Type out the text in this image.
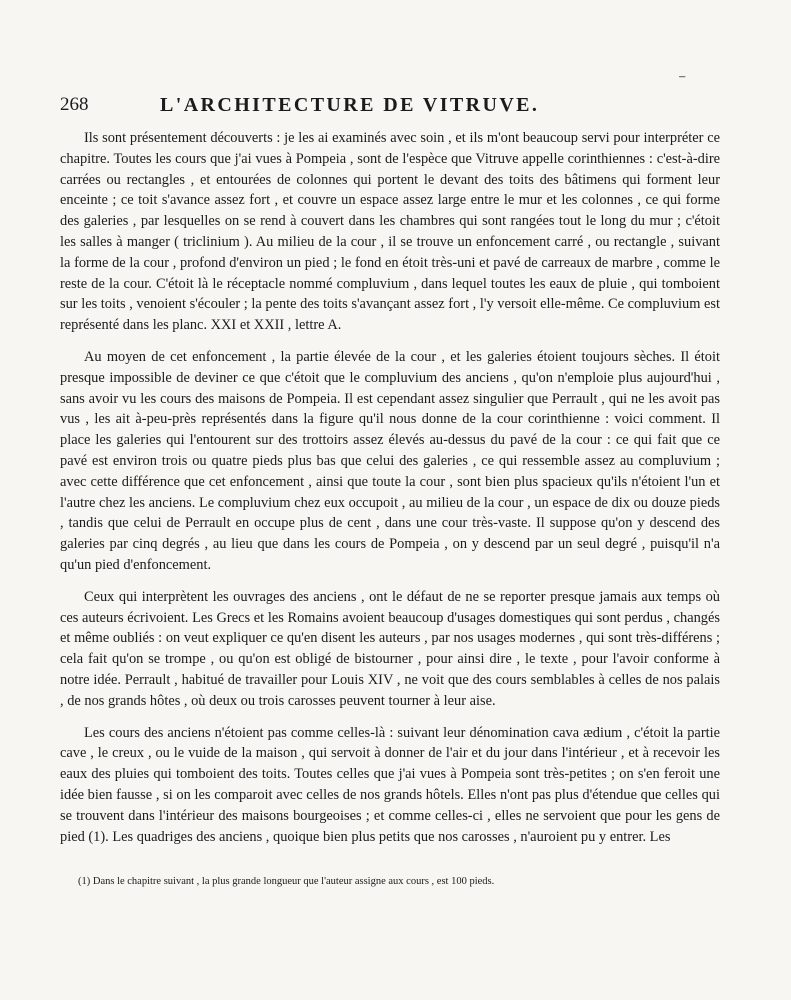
⁻
268	L'ARCHITECTURE DE VITRUVE.

Ils sont présentement découverts : je les ai examinés avec soin , et ils m'ont beaucoup servi pour interpréter ce chapitre. Toutes les cours que j'ai vues à Pompeia , sont de l'espèce que Vitruve appelle corinthiennes : c'est-à-dire carrées ou rectangles , et entourées de colonnes qui portent le devant des toits des bâtimens qui forment leur enceinte ; ce toit s'avance assez fort , et couvre un espace assez large entre le mur et les colonnes , ce qui forme des galeries , par lesquelles on se rend à couvert dans les chambres qui sont rangées tout le long du mur ; c'étoit les salles à manger ( triclinium ). Au milieu de la cour , il se trouve un enfoncement carré , ou rectangle , suivant la forme de la cour , profond d'environ un pied ; le fond en étoit très-uni et pavé de carreaux de marbre , comme le reste de la cour. C'étoit là le réceptacle nommé compluvium , dans lequel toutes les eaux de pluie , qui tomboient sur les toits , venoient s'écouler ; la pente des toits s'avançant assez fort , l'y versoit elle-même. Ce compluvium est représenté dans les planc. XXI et XXII , lettre A.

Au moyen de cet enfoncement , la partie élevée de la cour , et les galeries étoient toujours sèches. Il étoit presque impossible de deviner ce que c'étoit que le compluvium des anciens , qu'on n'emploie plus aujourd'hui , sans avoir vu les cours des maisons de Pompeia. Il est cependant assez singulier que Perrault , qui ne les avoit pas vus , les ait à-peu-près représentés dans la figure qu'il nous donne de la cour corinthienne : voici comment. Il place les galeries qui l'entourent sur des trottoirs assez élevés au-dessus du pavé de la cour : ce qui fait que ce pavé est environ trois ou quatre pieds plus bas que celui des galeries , ce qui ressemble assez au compluvium ; avec cette différence que cet enfoncement , ainsi que toute la cour , sont bien plus spacieux qu'ils n'étoient l'un et l'autre chez les anciens. Le compluvium chez eux occupoit , au milieu de la cour , un espace de dix ou douze pieds , tandis que celui de Perrault en occupe plus de cent , dans une cour très-vaste. Il suppose qu'on y descend des galeries par cinq degrés , au lieu que dans les cours de Pompeia , on y descend par un seul degré , puisqu'il n'a qu'un pied d'enfoncement.

Ceux qui interprètent les ouvrages des anciens , ont le défaut de ne se reporter presque jamais aux temps où ces auteurs écrivoient. Les Grecs et les Romains avoient beaucoup d'usages domestiques qui sont perdus , changés et même oubliés : on veut expliquer ce qu'en disent les auteurs , par nos usages modernes , qui sont très-différens ; cela fait qu'on se trompe , ou qu'on est obligé de bistourner , pour ainsi dire , le texte , pour l'avoir conforme à notre idée. Perrault , habitué de travailler pour Louis XIV , ne voit que des cours semblables à celles de nos palais , de nos grands hôtes , où deux ou trois carosses peuvent tourner à leur aise.

Les cours des anciens n'étoient pas comme celles-là : suivant leur dénomination cava ædium , c'étoit la partie cave , le creux , ou le vuide de la maison , qui servoit à donner de l'air et du jour dans l'intérieur , et à recevoir les eaux des pluies qui tomboient des toits. Toutes celles que j'ai vues à Pompeia sont très-petites ; on s'en feroit une idée bien fausse , si on les comparoit avec celles de nos grands hôtels. Elles n'ont pas plus d'étendue que celles qui se trouvent dans l'intérieur des maisons bourgeoises ; et comme celles-ci , elles ne servoient que pour les gens de pied (1). Les quadriges des anciens , quoique bien plus petits que nos carosses , n'auroient pu y entrer. Les

(1) Dans le chapitre suivant , la plus grande longueur que l'auteur assigne aux cours , est 100 pieds.
